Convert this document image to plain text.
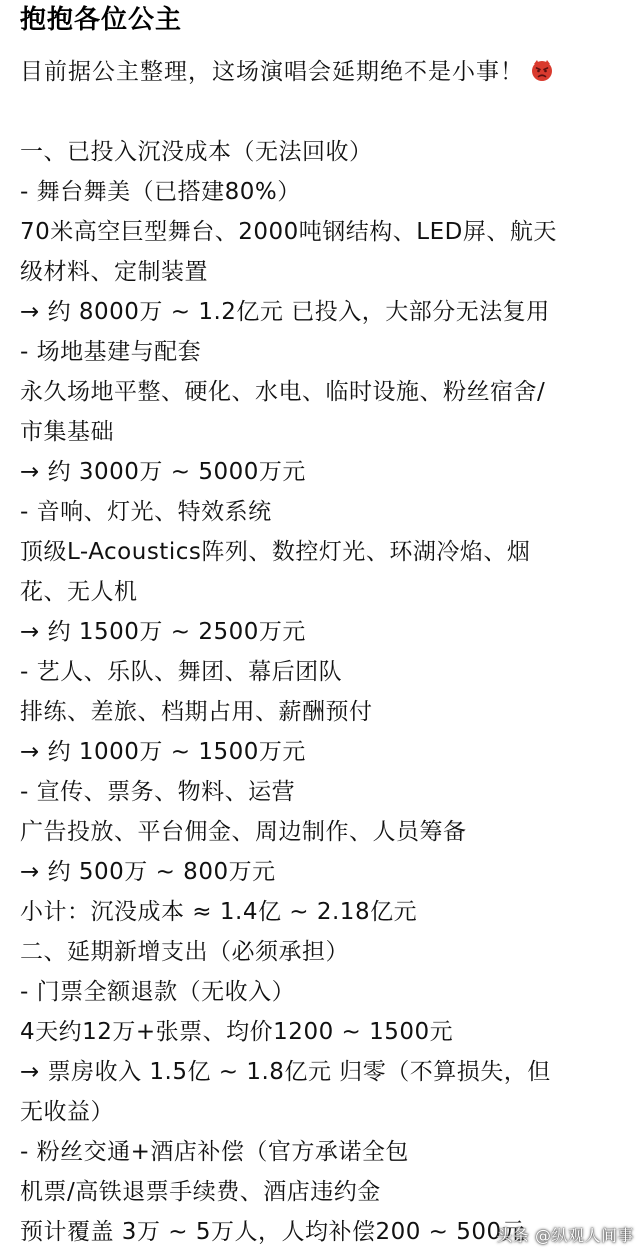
抱抱各位公主
目前据公主整理，这场演唱会延期绝不是小事！
一、已投入沉没成本（无法回收）
- 舞台舞美（已搭建80%）
70米高空巨型舞台、2000吨钢结构、LED屏、航天
级材料、定制装置
→ 约 8000万 ~ 1.2亿元 已投入，大部分无法复用
- 场地基建与配套
永久场地平整、硬化、水电、临时设施、粉丝宿舍/
市集基础
→ 约 3000万 ~ 5000万元
- 音响、灯光、特效系统
顶级L-Acoustics阵列、数控灯光、环湖冷焰、烟
花、无人机
→ 约 1500万 ~ 2500万元
- 艺人、乐队、舞团、幕后团队
排练、差旅、档期占用、薪酬预付
→ 约 1000万 ~ 1500万元
- 宣传、票务、物料、运营
广告投放、平台佣金、周边制作、人员筹备
→ 约 500万 ~ 800万元
小计：沉没成本 ≈ 1.4亿 ~ 2.18亿元
二、延期新增支出（必须承担）
- 门票全额退款（无收入）
4天约12万+张票、均价1200 ~ 1500元
→ 票房收入 1.5亿 ~ 1.8亿元 归零（不算损失，但
无收益）
- 粉丝交通+酒店补偿（官方承诺全包
机票/高铁退票手续费、酒店违约金
预计覆盖 3万 ~ 5万人，人均补偿200 ~ 500元
头条 @纵观人间事
